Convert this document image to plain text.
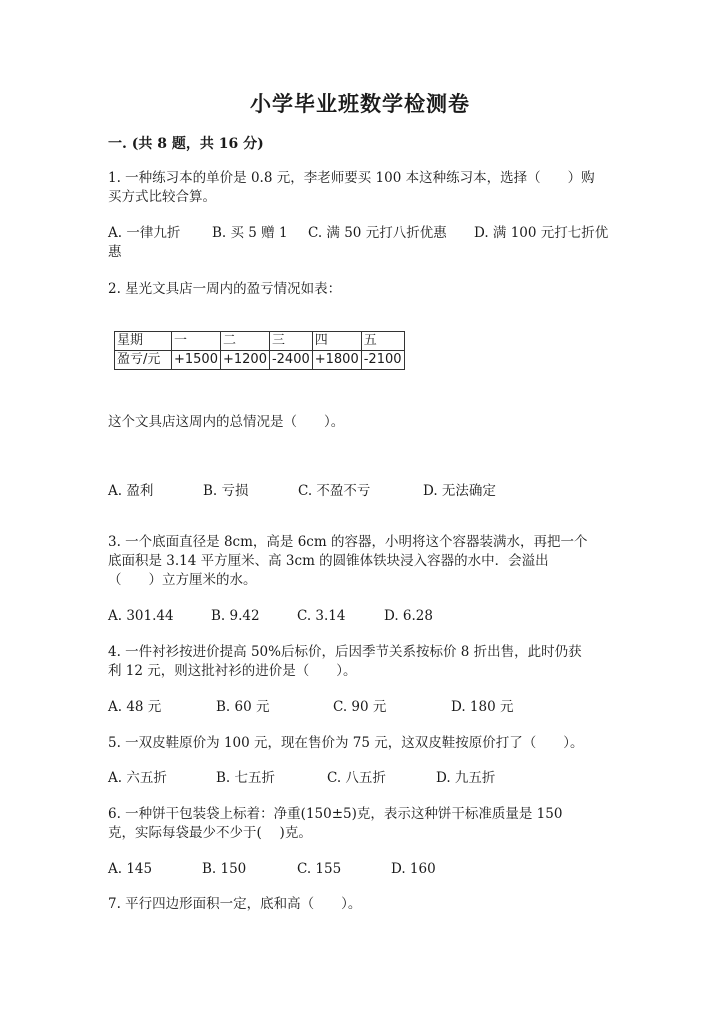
小学毕业班数学检测卷
一. (共 8 题，共 16 分)
1. 一种练习本的单价是 0.8 元，李老师要买 100 本这种练习本，选择（　　）购
买方式比较合算。
A. 一律九折 B. 买 5 赠 1 C. 满 50 元打八折优惠 D. 满 100 元打七折优
惠
2. 星光文具店一周内的盈亏情况如表：
星期	一	二	三	四	五
盈亏/元	+1500	+1200	-2400	+1800	-2100
这个文具店这周内的总情况是（　　）。
A. 盈利	B. 亏损	C. 不盈不亏	D. 无法确定
3. 一个底面直径是 8cm，高是 6cm 的容器，小明将这个容器装满水，再把一个
底面积是 3.14 平方厘米、高 3cm 的圆锥体铁块浸入容器的水中．会溢出
（　　）立方厘米的水。
A. 301.44	B. 9.42	C. 3.14	D. 6.28
4. 一件衬衫按进价提高 50%后标价，后因季节关系按标价 8 折出售，此时仍获
利 12 元，则这批衬衫的进价是（　　）。
A. 48 元	B. 60 元	C. 90 元	D. 180 元
5. 一双皮鞋原价为 100 元，现在售价为 75 元，这双皮鞋按原价打了（　　）。
A. 六五折	B. 七五折	C. 八五折	D. 九五折
6. 一种饼干包装袋上标着：净重(150±5)克，表示这种饼干标准质量是 150
克，实际每袋最少不少于(　 )克。
A. 145	B. 150	C. 155	D. 160
7. 平行四边形面积一定，底和高（　　）。
